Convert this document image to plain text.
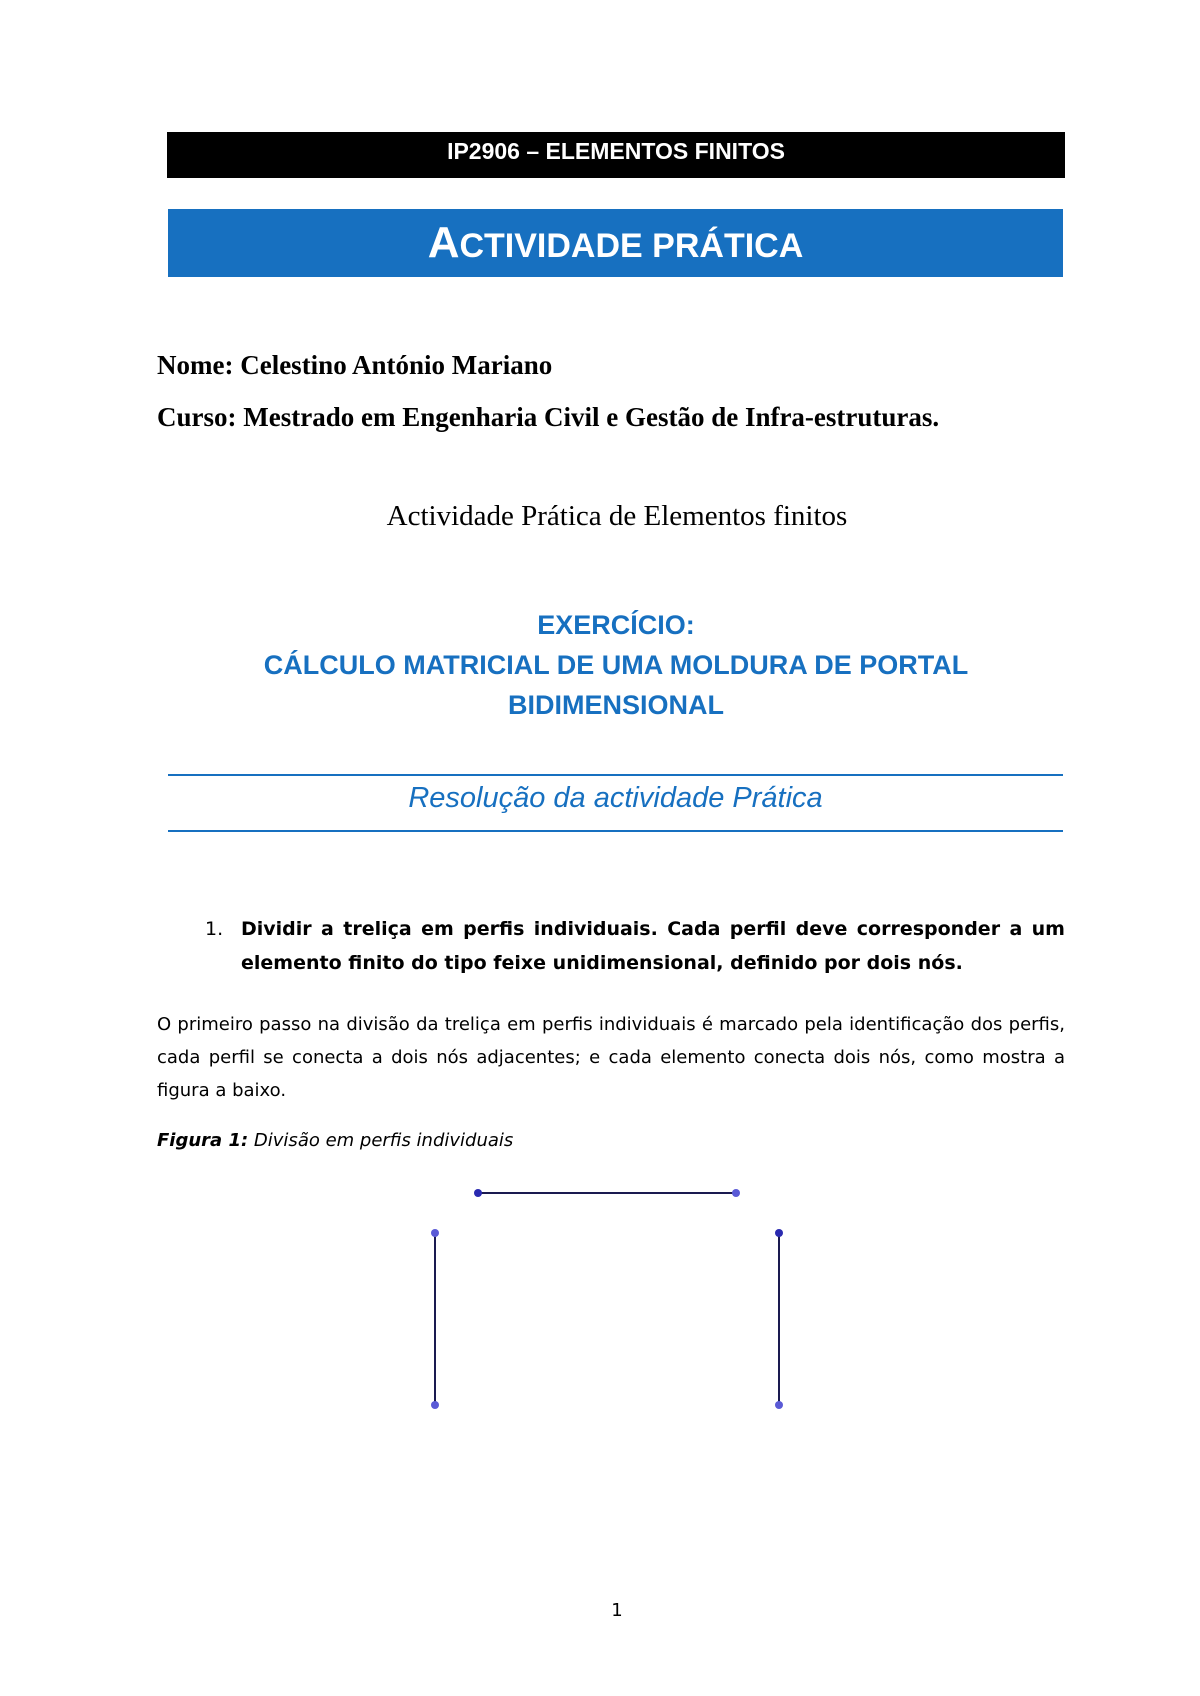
IP2906 – ELEMENTOS FINITOS
ACTIVIDADE PRÁTICA
Nome: Celestino António Mariano
Curso: Mestrado em Engenharia Civil e Gestão de Infra-estruturas.
Actividade Prática de Elementos finitos
EXERCÍCIO:
CÁLCULO MATRICIAL DE UMA MOLDURA DE PORTAL
BIDIMENSIONAL
Resolução da actividade Prática
1. Dividir a treliça em perfis individuais. Cada perfil deve corresponder a um elemento finito do tipo feixe unidimensional, definido por dois nós.
O primeiro passo na divisão da treliça em perfis individuais é marcado pela identificação dos perfis, cada perfil se conecta a dois nós adjacentes; e cada elemento conecta dois nós, como mostra a figura a baixo.
Figura 1: Divisão em perfis individuais
1
